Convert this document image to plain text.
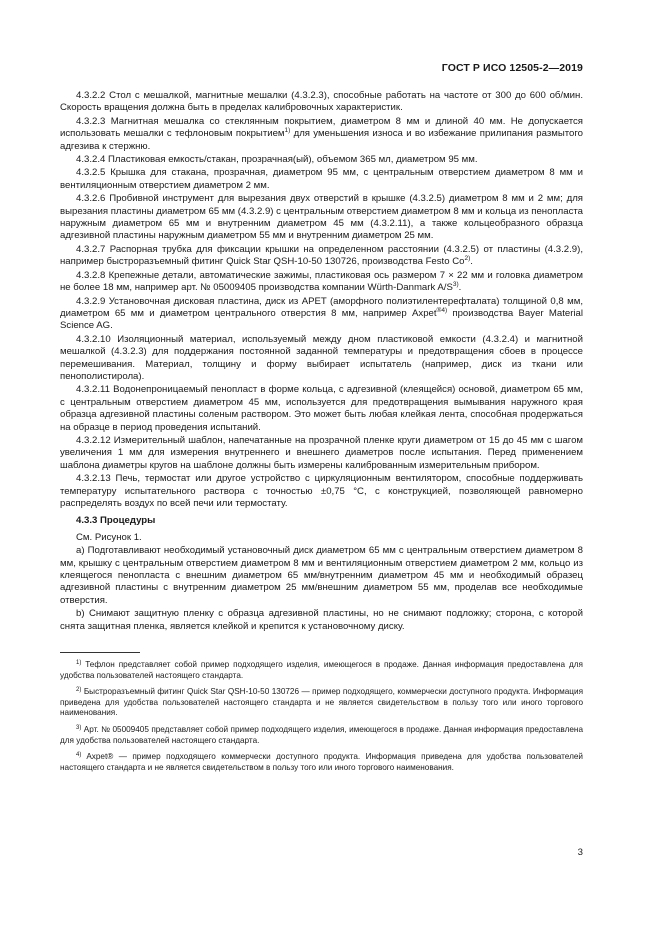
ГОСТ Р ИСО 12505-2—2019

4.3.2.2 Стол с мешалкой, магнитные мешалки (4.3.2.3), способные работать на частоте от 300 до 600 об/мин. Скорость вращения должна быть в пределах калибровочных характеристик.

4.3.2.3 Магнитная мешалка со стеклянным покрытием, диаметром 8 мм и длиной 40 мм. Не допускается использовать мешалки с тефлоновым покрытием$^{1)}$ для уменьшения износа и во избежание прилипания размытого адгезива к стержню.

4.3.2.4 Пластиковая емкость/стакан, прозрачная(ый), объемом 365 мл, диаметром 95 мм.

4.3.2.5 Крышка для стакана, прозрачная, диаметром 95 мм, с центральным отверстием диаметром 8 мм и вентиляционным отверстием диаметром 2 мм.

4.3.2.6 Пробивной инструмент для вырезания двух отверстий в крышке (4.3.2.5) диаметром 8 мм и 2 мм; для вырезания пластины диаметром 65 мм (4.3.2.9) с центральным отверстием диаметром 8 мм и кольца из пенопласта наружным диаметром 65 мм и внутренним диаметром 45 мм (4.3.2.11), а также кольцеобразного образца адгезивной пластины наружным диаметром 55 мм и внутренним диаметром 25 мм.

4.3.2.7 Распорная трубка для фиксации крышки на определенном расстоянии (4.3.2.5) от пластины (4.3.2.9), например быстроразъемный фитинг Quick Star QSH-10-50 130726, производства Festo Co$^{2)}$.

4.3.2.8 Крепежные детали, автоматические зажимы, пластиковая ось размером 7 × 22 мм и головка диаметром не более 18 мм, например арт. № 05009405 производства компании Würth-Danmark $A/S^{3)}$.

4.3.2.9 Установочная дисковая пластина, диск из APET (аморфного полиэтилентерефталата) толщиной 0,8 мм, диаметром 65 мм и диаметром центрального отверстия 8 мм, например Axpet$^{®4)}$ производства Bayer Material Science AG.

4.3.2.10 Изоляционный материал, используемый между дном пластиковой емкости (4.3.2.4) и магнитной мешалкой (4.3.2.3) для поддержания постоянной заданной температуры и предотвращения сбоев в процессе перемешивания. Материал, толщину и форму выбирает испытатель (например, диск из ткани или пенополистирола).

4.3.2.11 Водонепроницаемый пенопласт в форме кольца, с адгезивной (клеящейся) основой, диаметром 65 мм, с центральным отверстием диаметром 45 мм, используется для предотвращения вымывания наружного края образца адгезивной пластины соленым раствором. Это может быть любая клейкая лента, способная продержаться на образце в период проведения испытаний.

4.3.2.12 Измерительный шаблон, напечатанные на прозрачной пленке круги диаметром от 15 до 45 мм с шагом увеличения 1 мм для измерения внутреннего и внешнего диаметров после испытания. Перед применением шаблона диаметры кругов на шаблоне должны быть измерены калиброванным измерительным прибором.

4.3.2.13 Печь, термостат или другое устройство с циркуляционным вентилятором, способные поддерживать температуру испытательного раствора с точностью ±0,75 °С, с конструкцией, позволяющей равномерно распределять воздух по всей печи или термостату.

4.3.3 Процедуры

См. Рисунок 1.

а) Подготавливают необходимый установочный диск диаметром 65 мм с центральным отверстием диаметром 8 мм, крышку с центральным отверстием диаметром 8 мм и вентиляционным отверстием диаметром 2 мм, кольцо из клеящегося пенопласта с внешним диаметром 65 мм/внутренним диаметром 45 мм и необходимый образец адгезивной пластины с внутренним диаметром 25 мм/внешним диаметром 55 мм, проделав все необходимые отверстия.

b) Снимают защитную пленку с образца адгезивной пластины, но не снимают подложку; сторона, с которой снята защитная пленка, является клейкой и крепится к установочному диску.

$^{1)}$ Тефлон представляет собой пример подходящего изделия, имеющегося в продаже. Данная информация предоставлена для удобства пользователей настоящего стандарта.

$^{2)}$ Быстроразъемный фитинг Quick Star QSH-10-50 130726 — пример подходящего, коммерчески доступного продукта. Информация приведена для удобства пользователей настоящего стандарта и не является свидетельством в пользу того или иного торгового наименования.

$^{3)}$ Арт. № 05009405 представляет собой пример подходящего изделия, имеющегося в продаже. Данная информация предоставлена для удобства пользователей настоящего стандарта.

$^{4)}$ Axpet® — пример подходящего коммерчески доступного продукта. Информация приведена для удобства пользователей настоящего стандарта и не является свидетельством в пользу того или иного торгового наименования.

3
